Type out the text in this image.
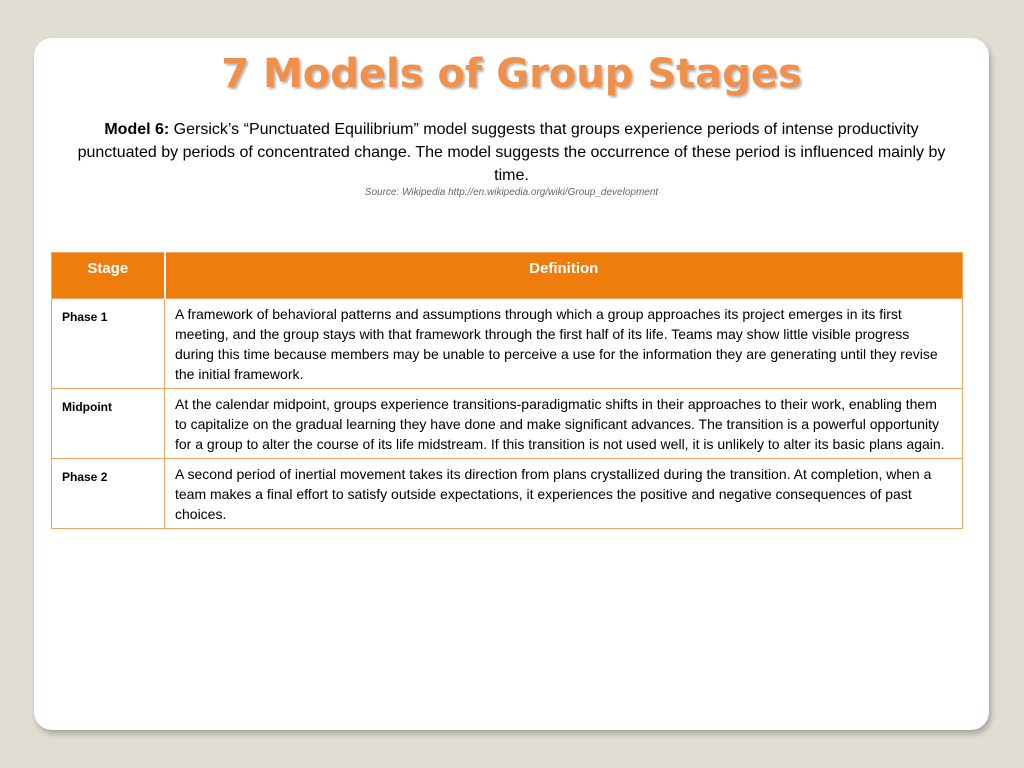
7 Models of Group Stages
Model 6: Gersick’s “Punctuated Equilibrium” model suggests that groups experience periods of intense productivity punctuated by periods of concentrated change. The model suggests the occurrence of these period is influenced mainly by time.
Source: Wikipedia http://en.wikipedia.org/wiki/Group_development
Stage	Definition
Phase 1	A framework of behavioral patterns and assumptions through which a group approaches its project emerges in its first meeting, and the group stays with that framework through the first half of its life. Teams may show little visible progress during this time because members may be unable to perceive a use for the information they are generating until they revise the initial framework.
Midpoint	At the calendar midpoint, groups experience transitions-paradigmatic shifts in their approaches to their work, enabling them to capitalize on the gradual learning they have done and make significant advances. The transition is a powerful opportunity for a group to alter the course of its life midstream. If this transition is not used well, it is unlikely to alter its basic plans again.
Phase 2	A second period of inertial movement takes its direction from plans crystallized during the transition. At completion, when a team makes a final effort to satisfy outside expectations, it experiences the positive and negative consequences of past choices.
